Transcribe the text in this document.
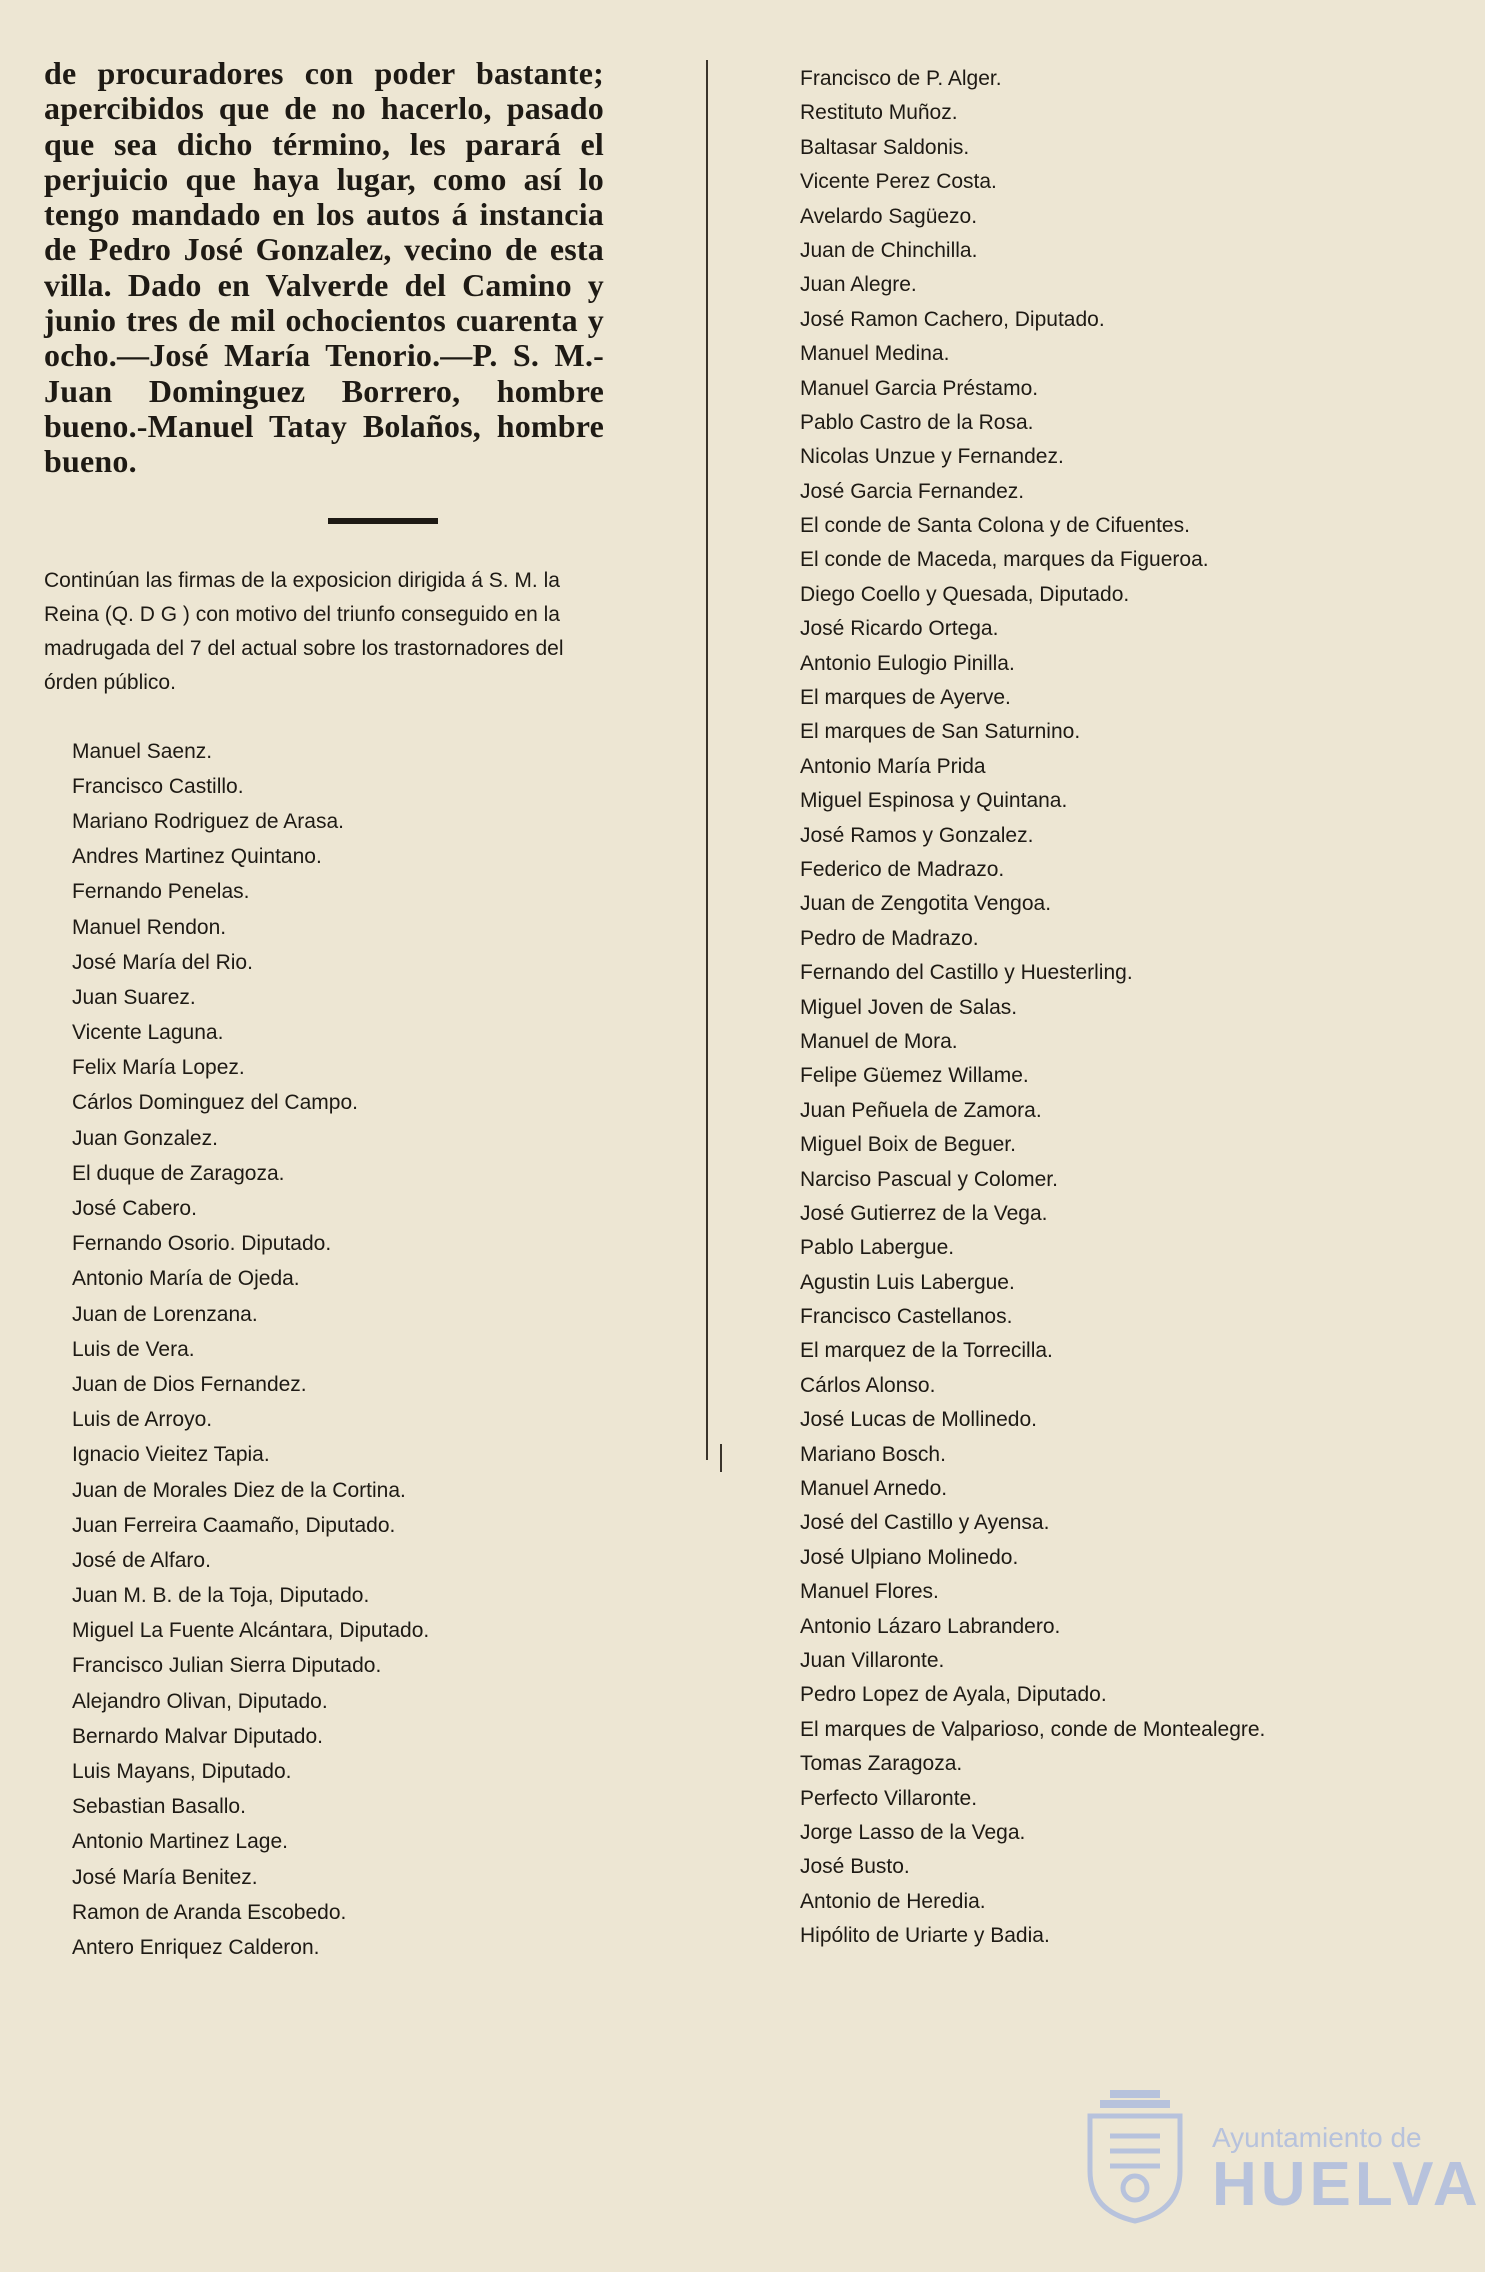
de procuradores con poder bastante; apercibidos que de no hacerlo, pasado que sea dicho término, les parará el perjuicio que haya lugar, como así lo tengo mandado en los autos á instancia de Pedro José Gonzalez, vecino de esta villa. Dado en Valverde del Camino y junio tres de mil ochocientos cuarenta y ocho.—José María Tenorio.—P. S. M.-Juan Dominguez Borrero, hombre bueno.-Manuel Tatay Bolaños, hombre bueno.

Continúan las firmas de la exposicion dirigida á S. M. la Reina (Q. D G ) con motivo del triunfo conseguido en la madrugada del 7 del actual sobre los trastornadores del órden público.

Manuel Saenz.
Francisco Castillo.
Mariano Rodriguez de Arasa.
Andres Martinez Quintano.
Fernando Penelas.
Manuel Rendon.
José María del Rio.
Juan Suarez.
Vicente Laguna.
Felix María Lopez.
Cárlos Dominguez del Campo.
Juan Gonzalez.
El duque de Zaragoza.
José Cabero.
Fernando Osorio. Diputado.
Antonio María de Ojeda.
Juan de Lorenzana.
Luis de Vera.
Juan de Dios Fernandez.
Luis de Arroyo.
Ignacio Vieitez Tapia.
Juan de Morales Diez de la Cortina.
Juan Ferreira Caamaño, Diputado.
José de Alfaro.
Juan M. B. de la Toja, Diputado.
Miguel La Fuente Alcántara, Diputado.
Francisco Julian Sierra Diputado.
Alejandro Olivan, Diputado.
Bernardo Malvar Diputado.
Luis Mayans, Diputado.
Sebastian Basallo.
Antonio Martinez Lage.
José María Benitez.
Ramon de Aranda Escobedo.
Antero Enriquez Calderon.
Francisco de P. Alger.
Restituto Muñoz.
Baltasar Saldonis.
Vicente Perez Costa.
Avelardo Sagüezo.
Juan de Chinchilla.
Juan Alegre.
José Ramon Cachero, Diputado.
Manuel Medina.
Manuel Garcia Préstamo.
Pablo Castro de la Rosa.
Nicolas Unzue y Fernandez.
José Garcia Fernandez.
El conde de Santa Colona y de Cifuentes.
El conde de Maceda, marques da Figueroa.
Diego Coello y Quesada, Diputado.
José Ricardo Ortega.
Antonio Eulogio Pinilla.
El marques de Ayerve.
El marques de San Saturnino.
Antonio María Prida
Miguel Espinosa y Quintana.
José Ramos y Gonzalez.
Federico de Madrazo.
Juan de Zengotita Vengoa.
Pedro de Madrazo.
Fernando del Castillo y Huesterling.
Miguel Joven de Salas.
Manuel de Mora.
Felipe Güemez Willame.
Juan Peñuela de Zamora.
Miguel Boix de Beguer.
Narciso Pascual y Colomer.
José Gutierrez de la Vega.
Pablo Labergue.
Agustin Luis Labergue.
Francisco Castellanos.
El marquez de la Torrecilla.
Cárlos Alonso.
José Lucas de Mollinedo.
Mariano Bosch.
Manuel Arnedo.
José del Castillo y Ayensa.
José Ulpiano Molinedo.
Manuel Flores.
Antonio Lázaro Labrandero.
Juan Villaronte.
Pedro Lopez de Ayala, Diputado.
El marques de Valparioso, conde de Montealegre.
Tomas Zaragoza.
Perfecto Villaronte.
Jorge Lasso de la Vega.
José Busto.
Antonio de Heredia.
Hipólito de Uriarte y Badia.
Ayuntamiento de
HUELVA
